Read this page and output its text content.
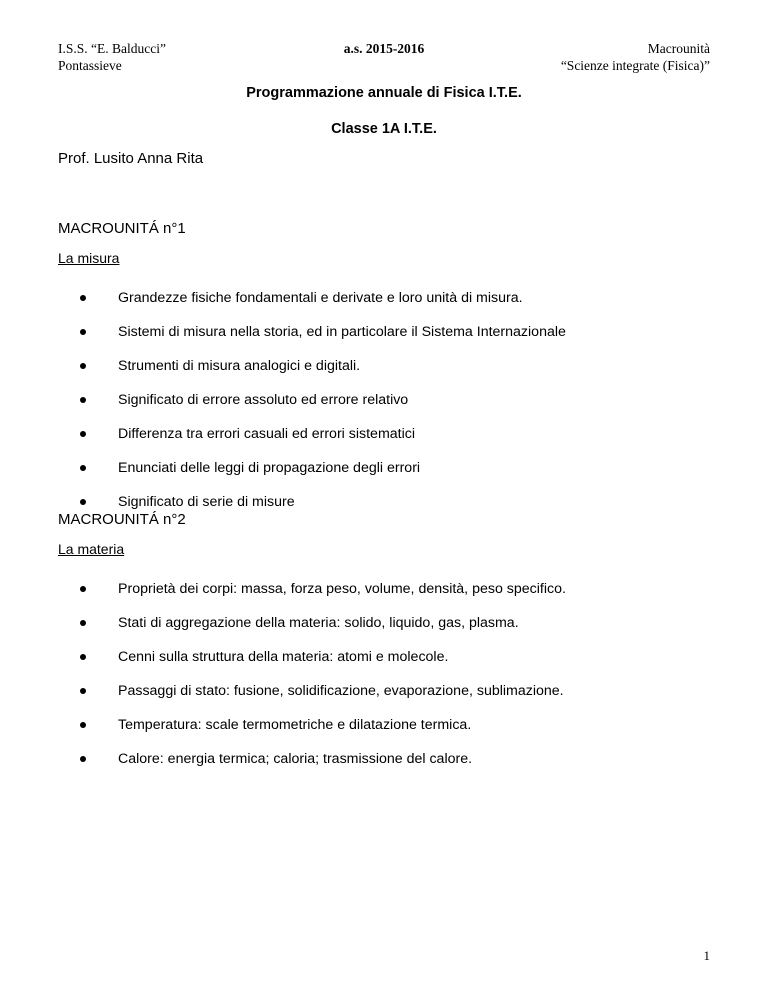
I.S.S. “E. Balducci”
Pontassieve
a.s. 2015-2016	Macrounità
“Scienze integrate (Fisica)”
Programmazione annuale di Fisica I.T.E.
Classe 1A I.T.E.
Prof. Lusito Anna Rita
MACROUNITÁ n°1
La misura
Grandezze fisiche fondamentali e derivate e loro unità di misura.
Sistemi di misura nella storia, ed in particolare il Sistema Internazionale
Strumenti di misura analogici e digitali.
Significato di errore assoluto ed errore relativo
Differenza tra errori casuali ed errori sistematici
Enunciati delle leggi di propagazione degli errori
Significato di serie di misure
MACROUNITÁ n°2
La materia
Proprietà dei corpi: massa, forza peso, volume, densità, peso specifico.
Stati di aggregazione della materia: solido, liquido, gas, plasma.
Cenni sulla struttura della materia: atomi e molecole.
Passaggi di stato: fusione, solidificazione, evaporazione, sublimazione.
Temperatura: scale termometriche e dilatazione termica.
Calore: energia termica; caloria; trasmissione del calore.
1
